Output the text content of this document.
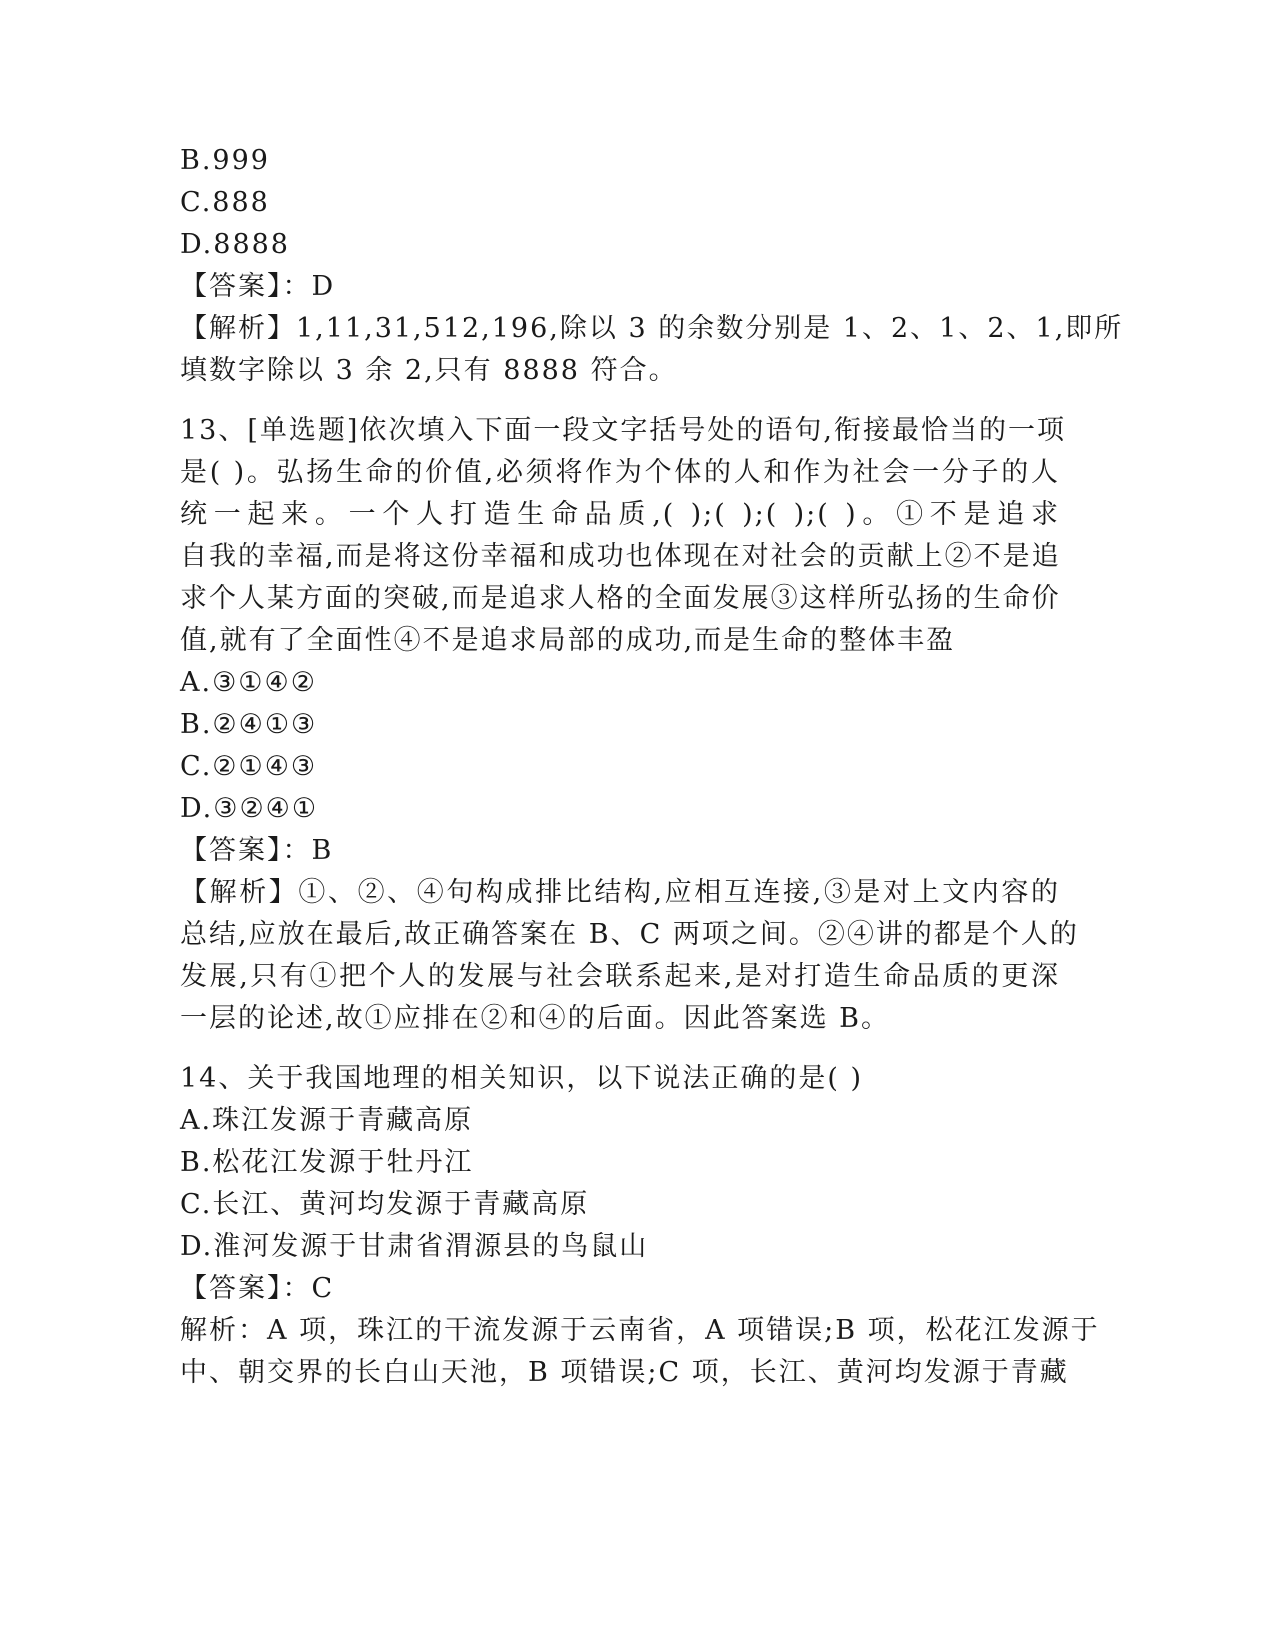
B.999
C.888
D.8888
【答案】：D
【解析】1,11,31,512,196,除以 3 的余数分别是 1、2、1、2、1,即所
填数字除以 3 余 2,只有 8888 符合。
13、[单选题]依次填入下面一段文字括号处的语句,衔接最恰当的一项
是( )。弘扬生命的价值,必须将作为个体的人和作为社会一分子的人
统一起来。一个人打造生命品质,( );( );( );( )。①不是追求
自我的幸福,而是将这份幸福和成功也体现在对社会的贡献上②不是追
求个人某方面的突破,而是追求人格的全面发展③这样所弘扬的生命价
值,就有了全面性④不是追求局部的成功,而是生命的整体丰盈
A.③①④②
B.②④①③
C.②①④③
D.③②④①
【答案】：B
【解析】①、②、④句构成排比结构,应相互连接,③是对上文内容的
总结,应放在最后,故正确答案在 B、C 两项之间。②④讲的都是个人的
发展,只有①把个人的发展与社会联系起来,是对打造生命品质的更深
一层的论述,故①应排在②和④的后面。因此答案选 B。
14、关于我国地理的相关知识，以下说法正确的是( )
A.珠江发源于青藏高原
B.松花江发源于牡丹江
C.长江、黄河均发源于青藏高原
D.淮河发源于甘肃省渭源县的鸟鼠山
【答案】：C
解析：A 项，珠江的干流发源于云南省，A 项错误;B 项，松花江发源于
中、朝交界的长白山天池，B 项错误;C 项，长江、黄河均发源于青藏
